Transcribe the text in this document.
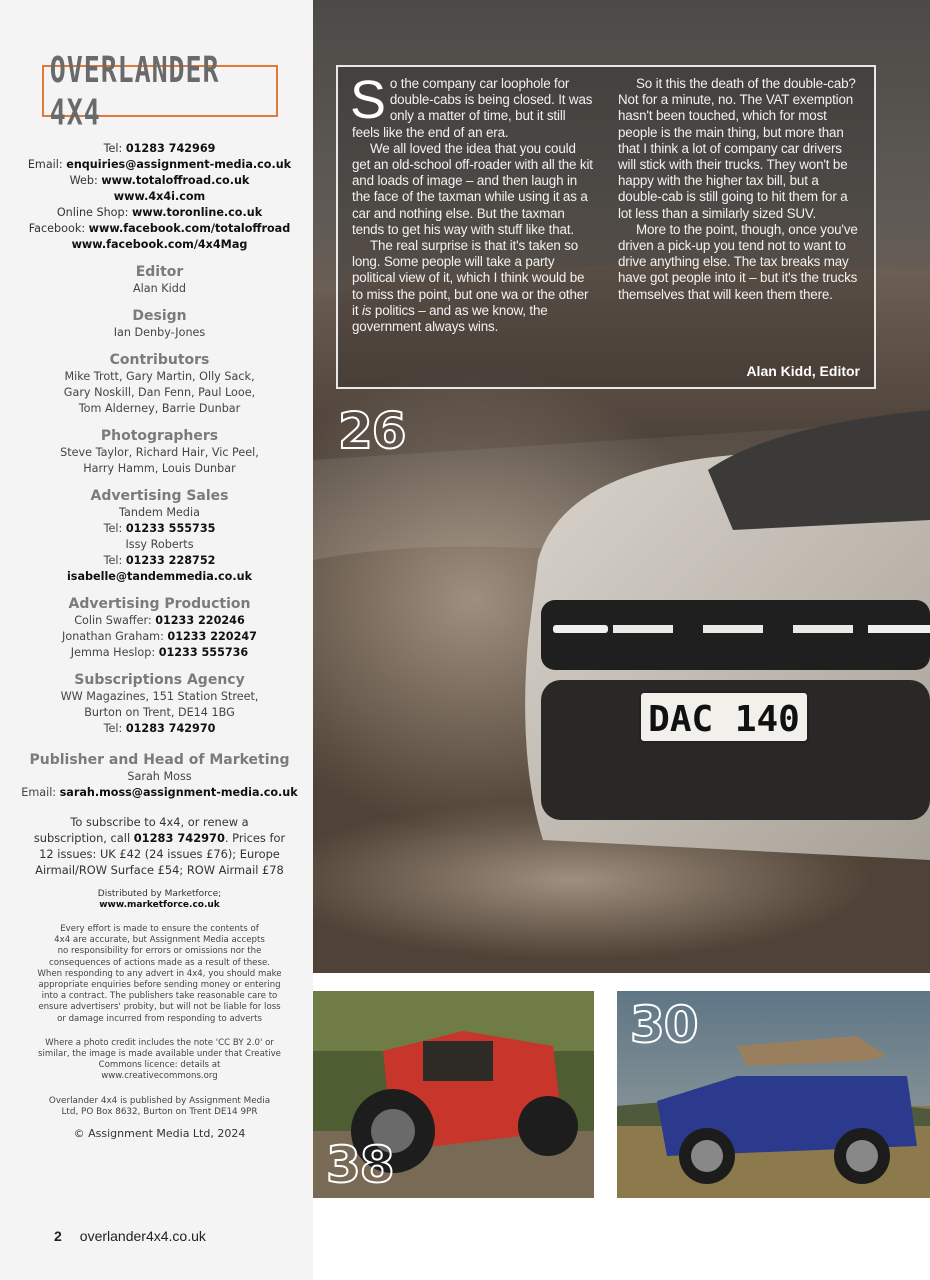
OVERLANDER 4X4
Tel: 01283 742969
Email: enquiries@assignment-media.co.uk
Web: www.totaloffroad.co.uk
www.4x4i.com
Online Shop: www.toronline.co.uk
Facebook: www.facebook.com/totaloffroad
www.facebook.com/4x4Mag
Editor

Alan Kidd

Design

Ian Denby-Jones

Contributors

Mike Trott, Gary Martin, Olly Sack,

Gary Noskill, Dan Fenn, Paul Looe,

Tom Alderney, Barrie Dunbar

Photographers

Steve Taylor, Richard Hair, Vic Peel,

Harry Hamm, Louis Dunbar

Advertising Sales

Tandem Media

Tel: 01233 555735

Issy Roberts

Tel: 01233 228752

isabelle@tandemmedia.co.uk

Advertising Production

Colin Swaffer: 01233 220246

Jonathan Graham: 01233 220247

Jemma Heslop: 01233 555736

Subscriptions Agency

WW Magazines, 151 Station Street,

Burton on Trent, DE14 1BG

Tel: 01283 742970

Publisher and Head of Marketing

Sarah Moss

Email: sarah.moss@assignment-media.co.uk

To subscribe to 4x4, or renew a
subscription, call 01283 742970. Prices for
12 issues: UK £42 (24 issues £76); Europe
Airmail/ROW Surface £54; ROW Airmail £78
Distributed by Marketforce;
www.marketforce.co.uk
Every effort is made to ensure the contents of
4x4 are accurate, but Assignment Media accepts
no responsibility for errors or omissions nor the
consequences of actions made as a result of these.
When responding to any advert in 4x4, you should make
appropriate enquiries before sending money or entering
into a contract. The publishers take reasonable care to
ensure advertisers' probity, but will not be liable for loss
or damage incurred from responding to adverts
Where a photo credit includes the note 'CC BY 2.0' or
similar, the image is made available under that Creative
Commons licence: details at
www.creativecommons.org
Overlander 4x4 is published by Assignment Media
Ltd, PO Box 8632, Burton on Trent DE14 9PR
© Assignment Media Ltd, 2024
2 overlander4x4.co.uk
DAC 140

So the company car loophole for double-cabs is being closed. It was only a matter of time, but it still feels like the end of an era.

We all loved the idea that you could get an old-school off-roader with all the kit and loads of image – and then laugh in the face of the taxman while using it as a car and nothing else. But the taxman tends to get his way with stuff like that.

The real surprise is that it's taken so long. Some people will take a party political view of it, which I think would be to miss the point, but one wa or the other it is politics – and as we know, the government always wins.

So it this the death of the double-cab? Not for a minute, no. The VAT exemption hasn't been touched, which for most people is the main thing, but more than that I think a lot of company car drivers will stick with their trucks. They won't be happy with the higher tax bill, but a double-cab is still going to hit them for a lot less than a similarly sized SUV.

More to the point, though, once you've driven a pick-up you tend not to want to drive anything else. The tax breaks may have got people into it – but it's the trucks themselves that will keen them there.

Alan Kidd, Editor
26
38
30
